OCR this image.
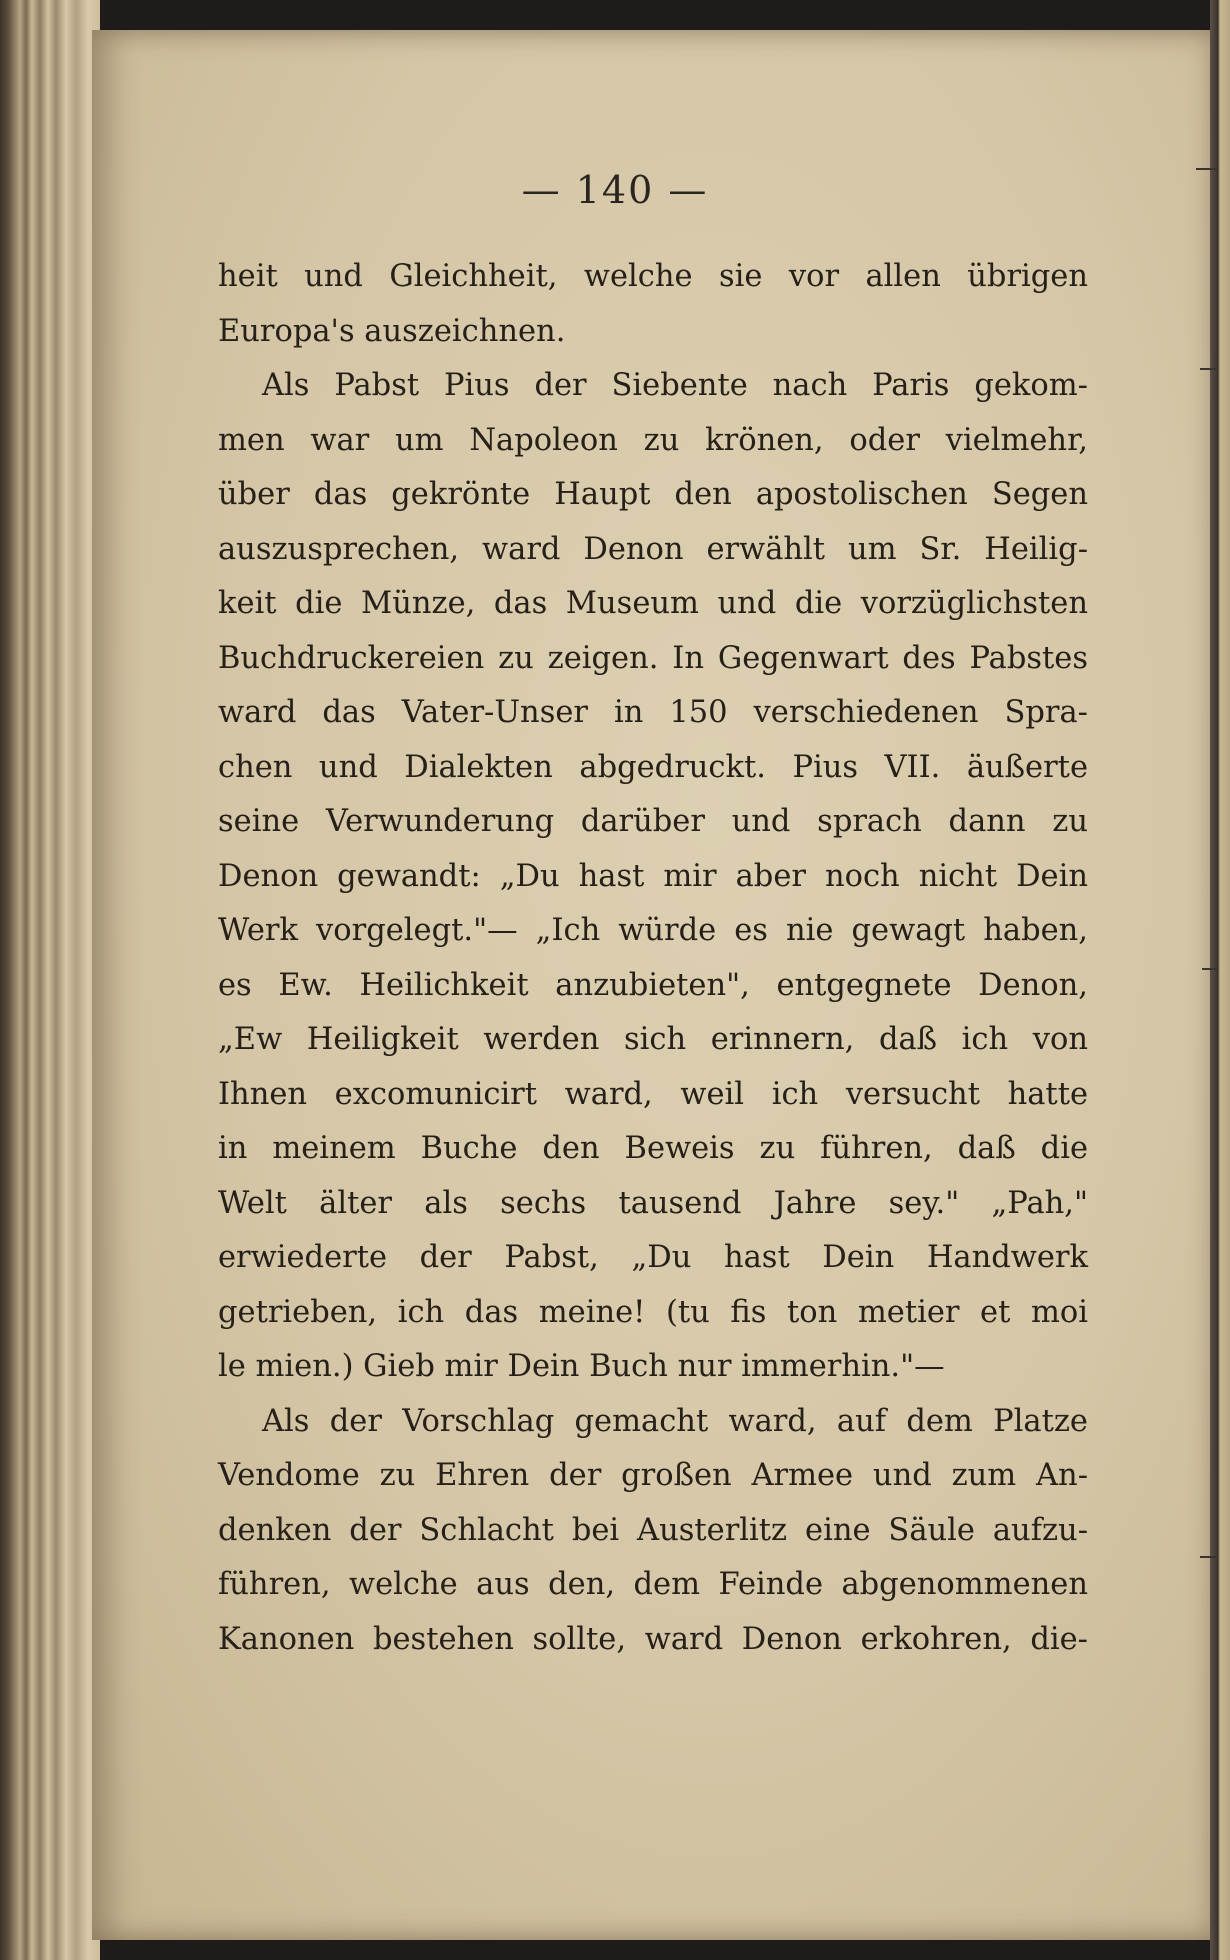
— 140 —
heit und Gleichheit, welche sie vor allen übrigen
Europa's auszeichnen.
Als Pabst Pius der Siebente nach Paris gekom-
men war um Napoleon zu krönen, oder vielmehr,
über das gekrönte Haupt den apostolischen Segen
auszusprechen, ward Denon erwählt um Sr. Heilig-
keit die Münze, das Museum und die vorzüglichsten
Buchdruckereien zu zeigen. In Gegenwart des Pabstes
ward das Vater-Unser in 150 verschiedenen Spra-
chen und Dialekten abgedruckt. Pius VII. äußerte
seine Verwunderung darüber und sprach dann zu
Denon gewandt: „Du hast mir aber noch nicht Dein
Werk vorgelegt."— „Ich würde es nie gewagt haben,
es Ew. Heilichkeit anzubieten", entgegnete Denon,
„Ew Heiligkeit werden sich erinnern, daß ich von
Ihnen excomunicirt ward, weil ich versucht hatte
in meinem Buche den Beweis zu führen, daß die
Welt älter als sechs tausend Jahre sey." „Pah,"
erwiederte der Pabst, „Du hast Dein Handwerk
getrieben, ich das meine! (tu fis ton metier et moi
le mien.) Gieb mir Dein Buch nur immerhin."—
Als der Vorschlag gemacht ward, auf dem Platze
Vendome zu Ehren der großen Armee und zum An-
denken der Schlacht bei Austerlitz eine Säule aufzu-
führen, welche aus den, dem Feinde abgenommenen
Kanonen bestehen sollte, ward Denon erkohren, die-
